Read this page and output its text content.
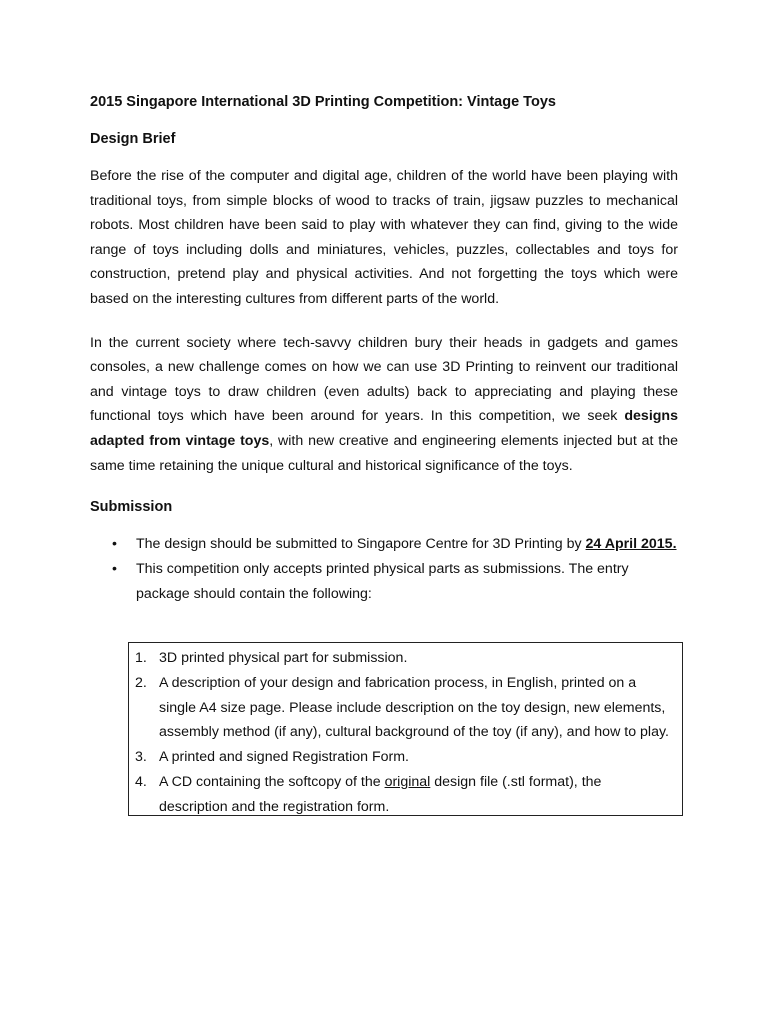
2015 Singapore International 3D Printing Competition: Vintage Toys
Design Brief
Before the rise of the computer and digital age, children of the world have been playing with traditional toys, from simple blocks of wood to tracks of train, jigsaw puzzles to mechanical robots. Most children have been said to play with whatever they can find, giving to the wide range of toys including dolls and miniatures, vehicles, puzzles, collectables and toys for construction, pretend play and physical activities. And not forgetting the toys which were based on the interesting cultures from different parts of the world.
In the current society where tech-savvy children bury their heads in gadgets and games consoles, a new challenge comes on how we can use 3D Printing to reinvent our traditional and vintage toys to draw children (even adults) back to appreciating and playing these functional toys which have been around for years. In this competition, we seek designs adapted from vintage toys, with new creative and engineering elements injected but at the same time retaining the unique cultural and historical significance of the toys.
Submission
• The design should be submitted to Singapore Centre for 3D Printing by 24 April 2015.
• This competition only accepts printed physical parts as submissions. The entry package should contain the following:
1. 3D printed physical part for submission.
2. A description of your design and fabrication process, in English, printed on a single A4 size page. Please include description on the toy design, new elements, assembly method (if any), cultural background of the toy (if any), and how to play.
3. A printed and signed Registration Form.
4. A CD containing the softcopy of the original design file (.stl format), the description and the registration form.
